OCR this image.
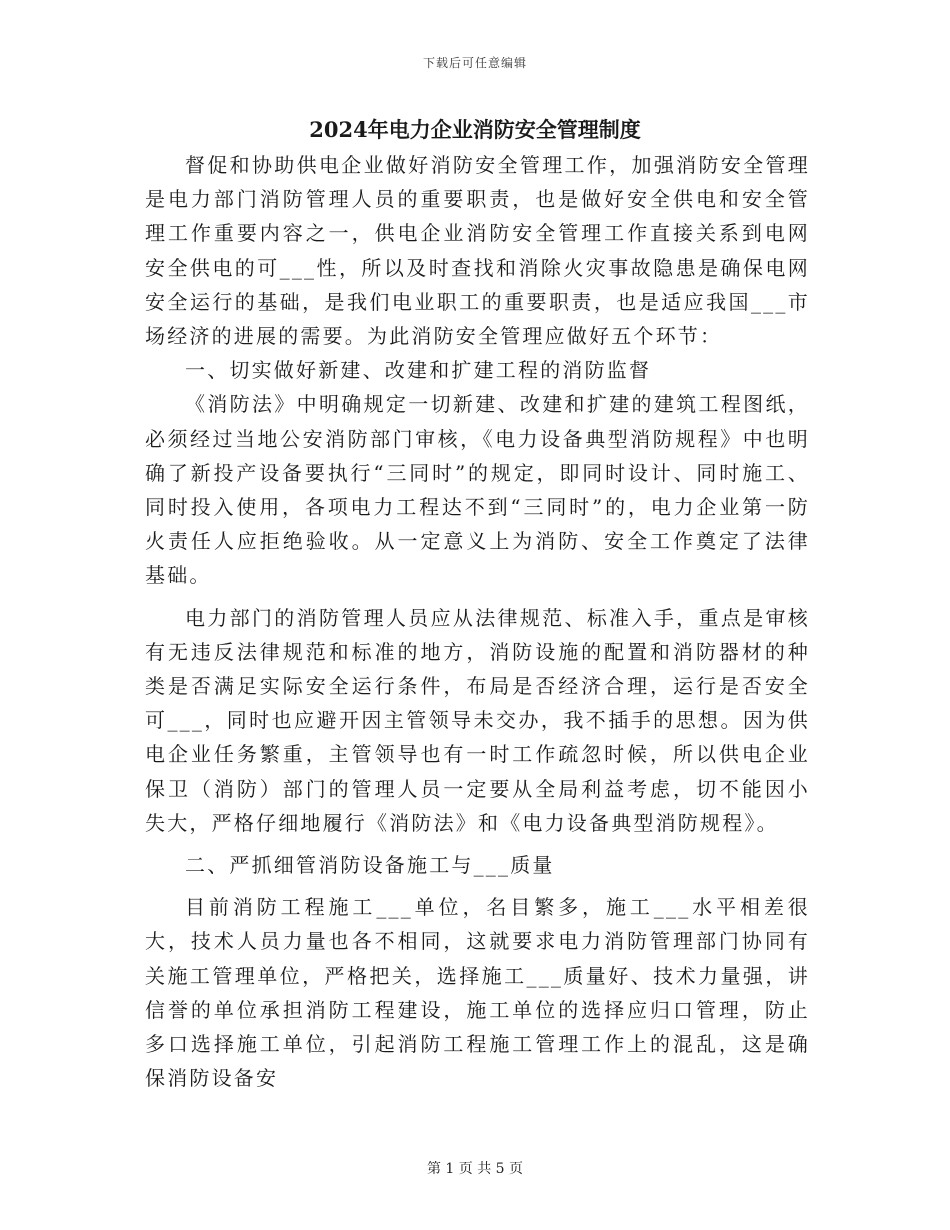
下载后可任意编辑
2024年电力企业消防安全管理制度

督促和协助供电企业做好消防安全管理工作，加强消防安全管理是电力部门消防管理人员的重要职责，也是做好安全供电和安全管理工作重要内容之一，供电企业消防安全管理工作直接关系到电网安全供电的可___性，所以及时查找和消除火灾事故隐患是确保电网安全运行的基础，是我们电业职工的重要职责，也是适应我国___市场经济的进展的需要。为此消防安全管理应做好五个环节：

一、切实做好新建、改建和扩建工程的消防监督

《消防法》中明确规定一切新建、改建和扩建的建筑工程图纸，必须经过当地公安消防部门审核，《电力设备典型消防规程》中也明确了新投产设备要执行“三同时”的规定，即同时设计、同时施工、同时投入使用，各项电力工程达不到“三同时”的，电力企业第一防火责任人应拒绝验收。从一定意义上为消防、安全工作奠定了法律基础。

电力部门的消防管理人员应从法律规范、标准入手，重点是审核有无违反法律规范和标准的地方，消防设施的配置和消防器材的种类是否满足实际安全运行条件，布局是否经济合理，运行是否安全可___，同时也应避开因主管领导未交办，我不插手的思想。因为供电企业任务繁重，主管领导也有一时工作疏忽时候，所以供电企业保卫（消防）部门的管理人员一定要从全局利益考虑，切不能因小失大，严格仔细地履行《消防法》和《电力设备典型消防规程》。

二、严抓细管消防设备施工与___质量

目前消防工程施工___单位，名目繁多，施工___水平相差很大，技术人员力量也各不相同，这就要求电力消防管理部门协同有关施工管理单位，严格把关，选择施工___质量好、技术力量强，讲信誉的单位承担消防工程建设，施工单位的选择应归口管理，防止多口选择施工单位，引起消防工程施工管理工作上的混乱，这是确保消防设备安

第 1 页 共 5 页
